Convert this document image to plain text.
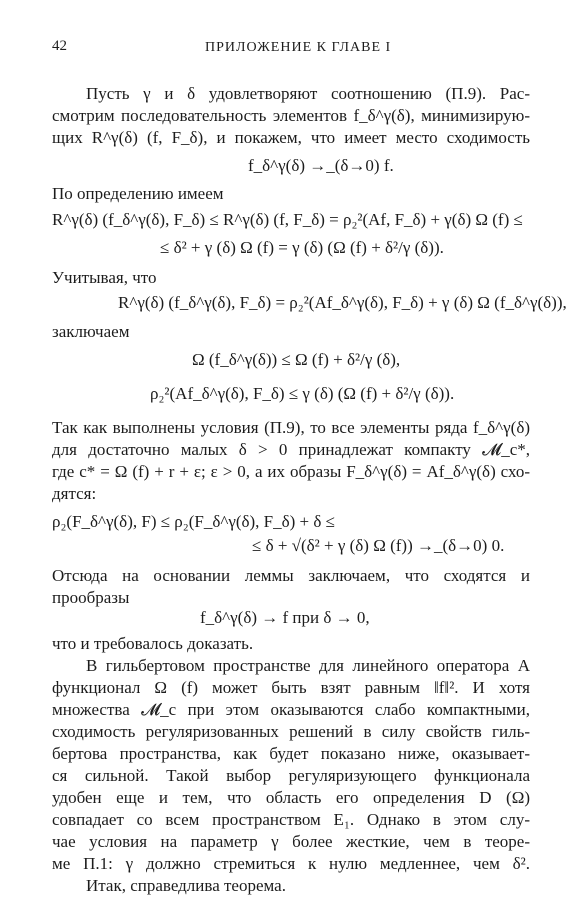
42	ПРИЛОЖЕНИЕ К ГЛАВЕ I
Пусть γ и δ удовлетворяют соотношению (П.9). Рас-
смотрим последовательность элементов f_δ^γ(δ), минимизирую-
щих R^γ(δ) (f, F_δ), и покажем, что имеет место сходимость
f_δ^γ(δ) →_(δ→0) f.
По определению имеем
R^γ(δ) (f_δ^γ(δ), F_δ) ≤ R^γ(δ) (f, F_δ) = ρ₂²(Af, F_δ) + γ(δ) Ω (f) ≤
≤ δ² + γ (δ) Ω (f) = γ (δ) (Ω (f) + δ²/γ (δ)).
Учитывая, что
R^γ(δ) (f_δ^γ(δ), F_δ) = ρ₂²(Af_δ^γ(δ), F_δ) + γ (δ) Ω (f_δ^γ(δ)),
заключаем
Ω (f_δ^γ(δ)) ≤ Ω (f) + δ²/γ (δ),
ρ₂²(Af_δ^γ(δ), F_δ) ≤ γ (δ) (Ω (f) + δ²/γ (δ)).
Так как выполнены условия (П.9), то все элементы ряда f_δ^γ(δ)
для достаточно малых δ > 0 принадлежат компакту 𝓜_c*,
где c* = Ω (f) + r + ε; ε > 0, а их образы F_δ^γ(δ) = Af_δ^γ(δ) схо-
дятся:
ρ₂(F_δ^γ(δ), F) ≤ ρ₂(F_δ^γ(δ), F_δ) + δ ≤
≤ δ + √(δ² + γ (δ) Ω (f)) →_(δ→0) 0.
Отсюда на основании леммы заключаем, что сходятся и
прообразы
f_δ^γ(δ) → f при δ → 0,
что и требовалось доказать.
В гильбертовом пространстве для линейного оператора A
функционал Ω (f) может быть взят равным ‖f‖². И хотя
множества 𝓜_c при этом оказываются слабо компактными,
сходимость регуляризованных решений в силу свойств гиль-
бертова пространства, как будет показано ниже, оказывает-
ся сильной. Такой выбор регуляризующего функционала
удобен еще и тем, что область его определения D (Ω)
совпадает со всем пространством E₁. Однако в этом слу-
чае условия на параметр γ более жесткие, чем в теоре-
ме П.1: γ должно стремиться к нулю медленнее, чем δ².
Итак, справедлива теорема.
